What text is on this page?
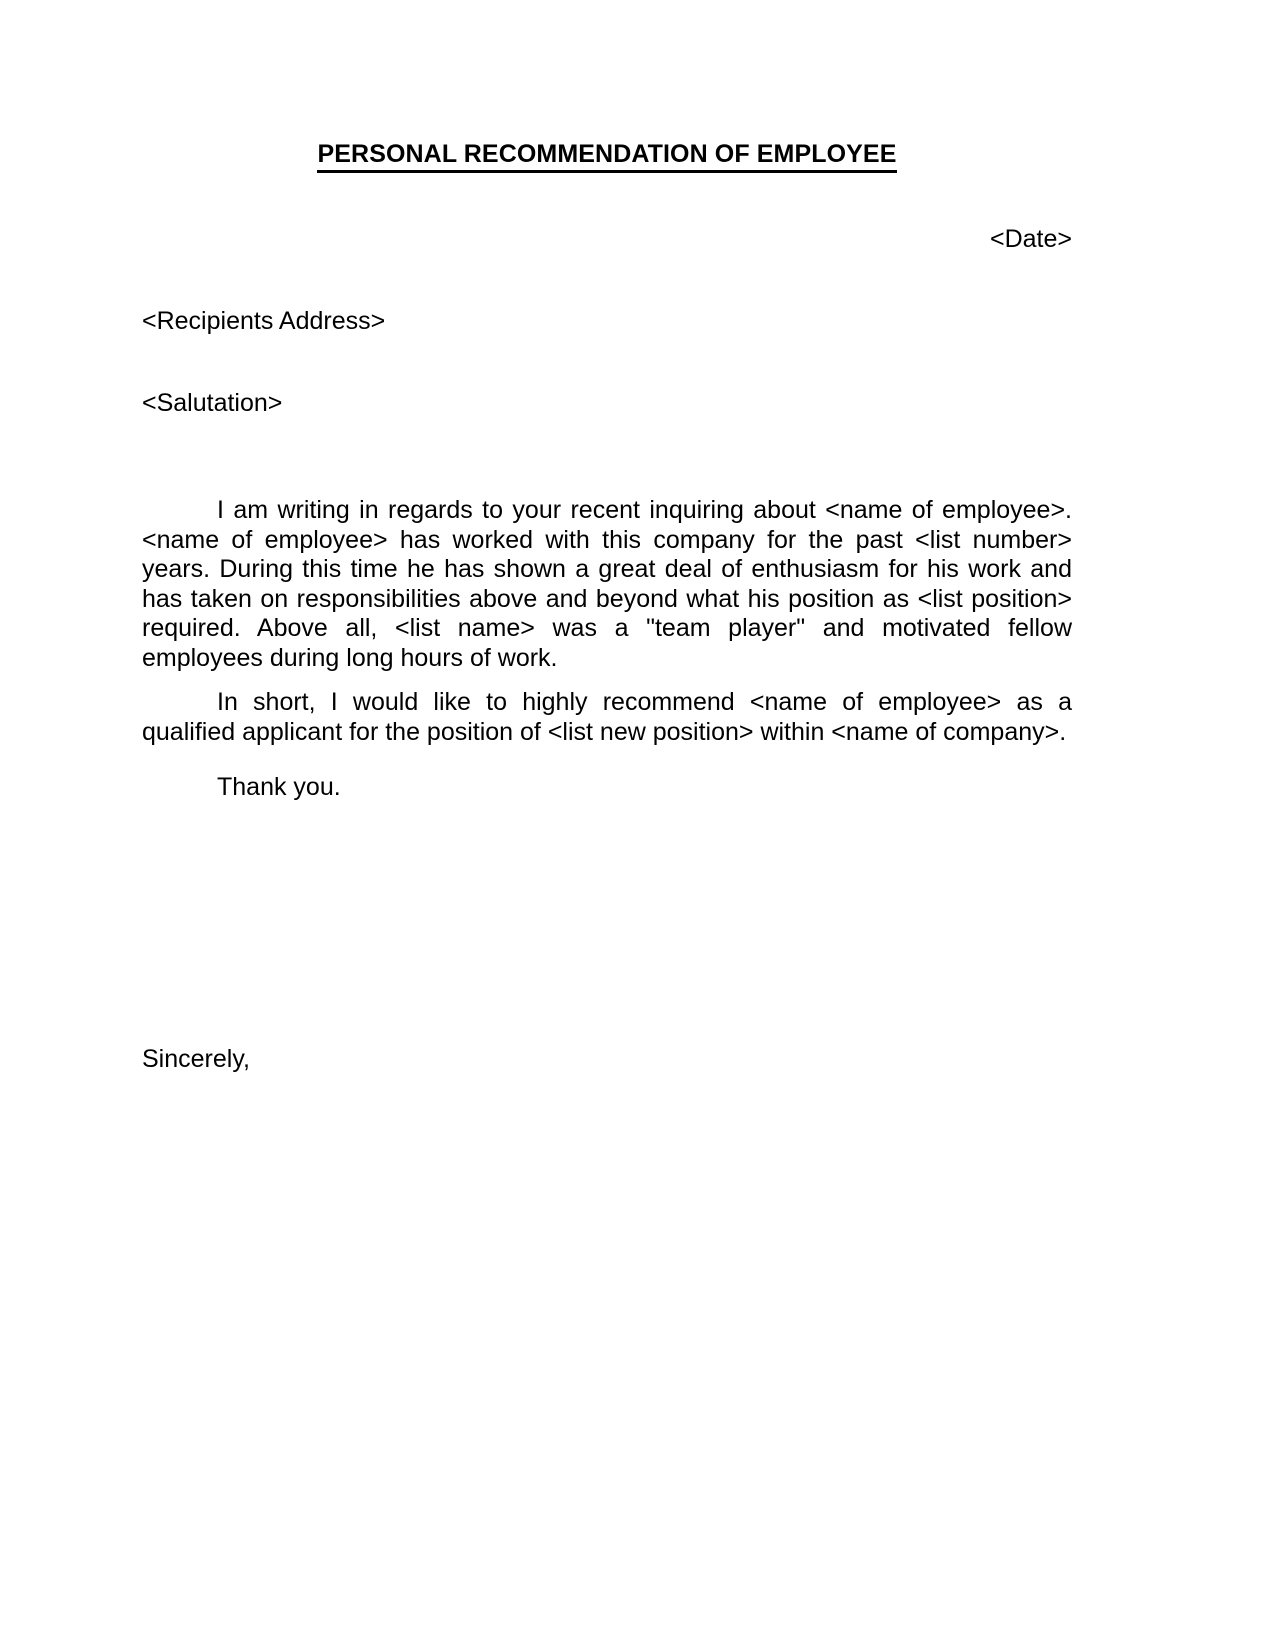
PERSONAL RECOMMENDATION OF EMPLOYEE
<Date>
<Recipients Address>
<Salutation>

I am writing in regards to your recent inquiring about <name of employee>. <name of employee> has worked with this company for the past <list number> years. During this time he has shown a great deal of enthusiasm for his work and has taken on responsibilities above and beyond what his position as <list position> required. Above all, <list name> was a "team player" and motivated fellow employees during long hours of work.

In short, I would like to highly recommend <name of employee> as a qualified applicant for the position of <list new position> within <name of company>.

Thank you.
Sincerely,
